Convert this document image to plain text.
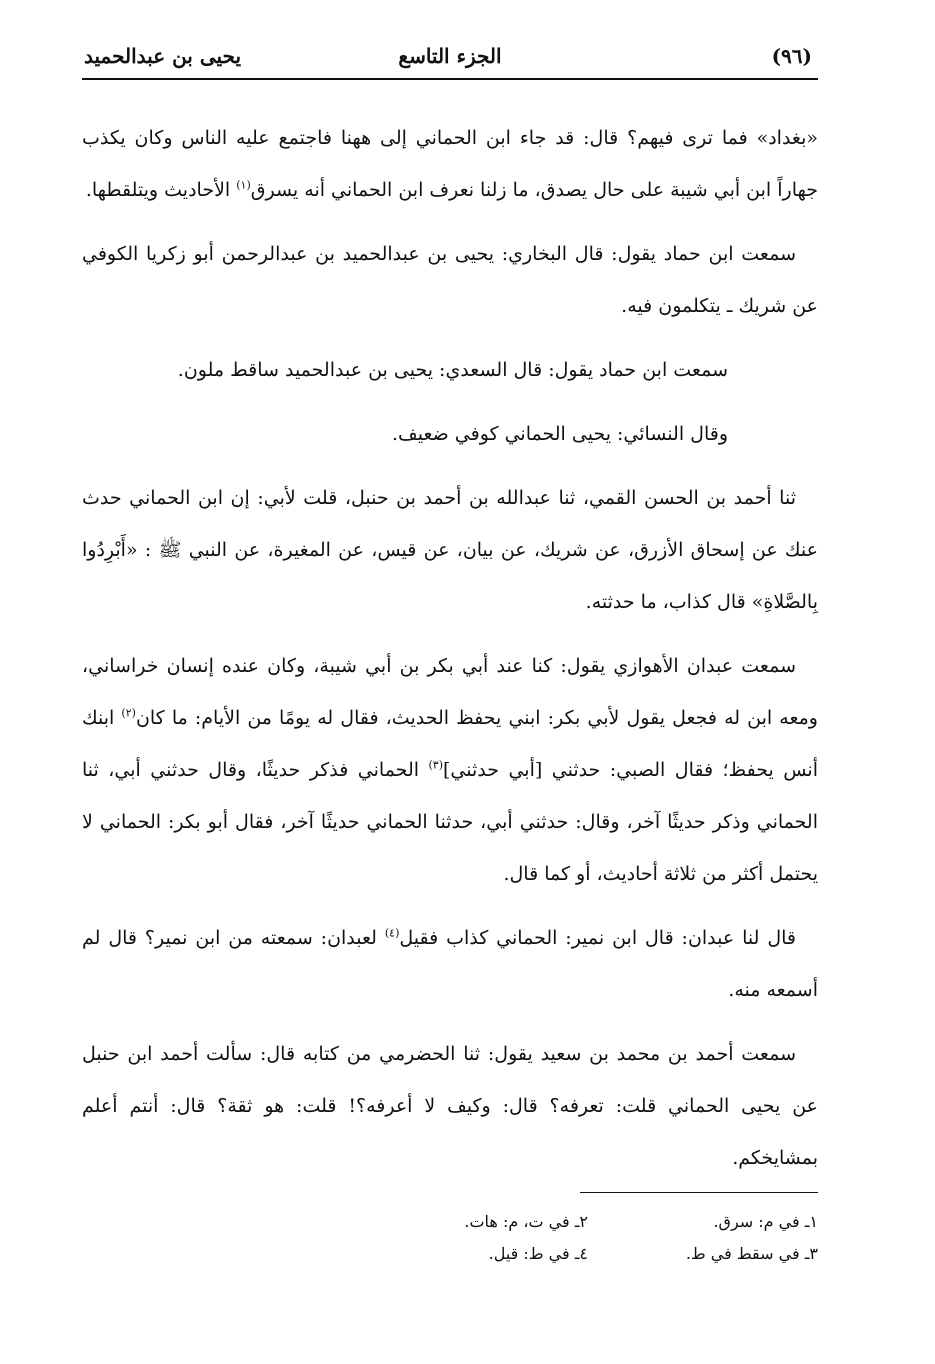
(٩٦)
الجزء التاسع
يحيى بن عبدالحميد

«بغداد» فما ترى فيهم؟ قال: قد جاء ابن الحماني إلى ههنا فاجتمع عليه الناس وكان يكذب جهاراً ابن أبي شيبة على حال يصدق، ما زلنا نعرف ابن الحماني أنه يسرق$^{(١)}$ الأحاديث ويتلقطها.

سمعت ابن حماد يقول: قال البخاري: يحيى بن عبدالحميد بن عبدالرحمن أبو زكريا الكوفي عن شريك ـ يتكلمون فيه.

سمعت ابن حماد يقول: قال السعدي: يحيى بن عبدالحميد ساقط ملون.

وقال النسائي: يحيى الحماني كوفي ضعيف.

ثنا أحمد بن الحسن القمي، ثنا عبدالله بن أحمد بن حنبل، قلت لأبي: إن ابن الحماني حدث عنك عن إسحاق الأزرق، عن شريك، عن بيان، عن قيس، عن المغيرة، عن النبي ﷺ : «أَبْرِدُوا بِالصَّلاةِ» قال كذاب، ما حدثته.

سمعت عبدان الأهوازي يقول: كنا عند أبي بكر بن أبي شيبة، وكان عنده إنسان خراساني، ومعه ابن له فجعل يقول لأبي بكر: ابني يحفظ الحديث، فقال له يومًا من الأيام: ما كان$^{(٢)}$ ابنك أنس يحفظ؛ فقال الصبي: حدثني [أبي حدثني]$^{(٣)}$ الحماني فذكر حديثًا، وقال حدثني أبي، ثنا الحماني وذكر حديثًا آخر، وقال: حدثني أبي، حدثنا الحماني حديثًا آخر، فقال أبو بكر: الحماني لا يحتمل أكثر من ثلاثة أحاديث، أو كما قال.

قال لنا عبدان: قال ابن نمير: الحماني كذاب فقيل$^{(٤)}$ لعبدان: سمعته من ابن نمير؟ قال لم أسمعه منه.

سمعت أحمد بن محمد بن سعيد يقول: ثنا الحضرمي من كتابه قال: سألت أحمد ابن حنبل عن يحيى الحماني قلت: تعرفه؟ قال: وكيف لا أعرفه؟! قلت: هو ثقة؟ قال: أنتم أعلم بمشايخكم.

١ـ في م: سرق.
٢ـ في ت، م: هات.
٣ـ في سقط في ط.
٤ـ في ط: قيل.
